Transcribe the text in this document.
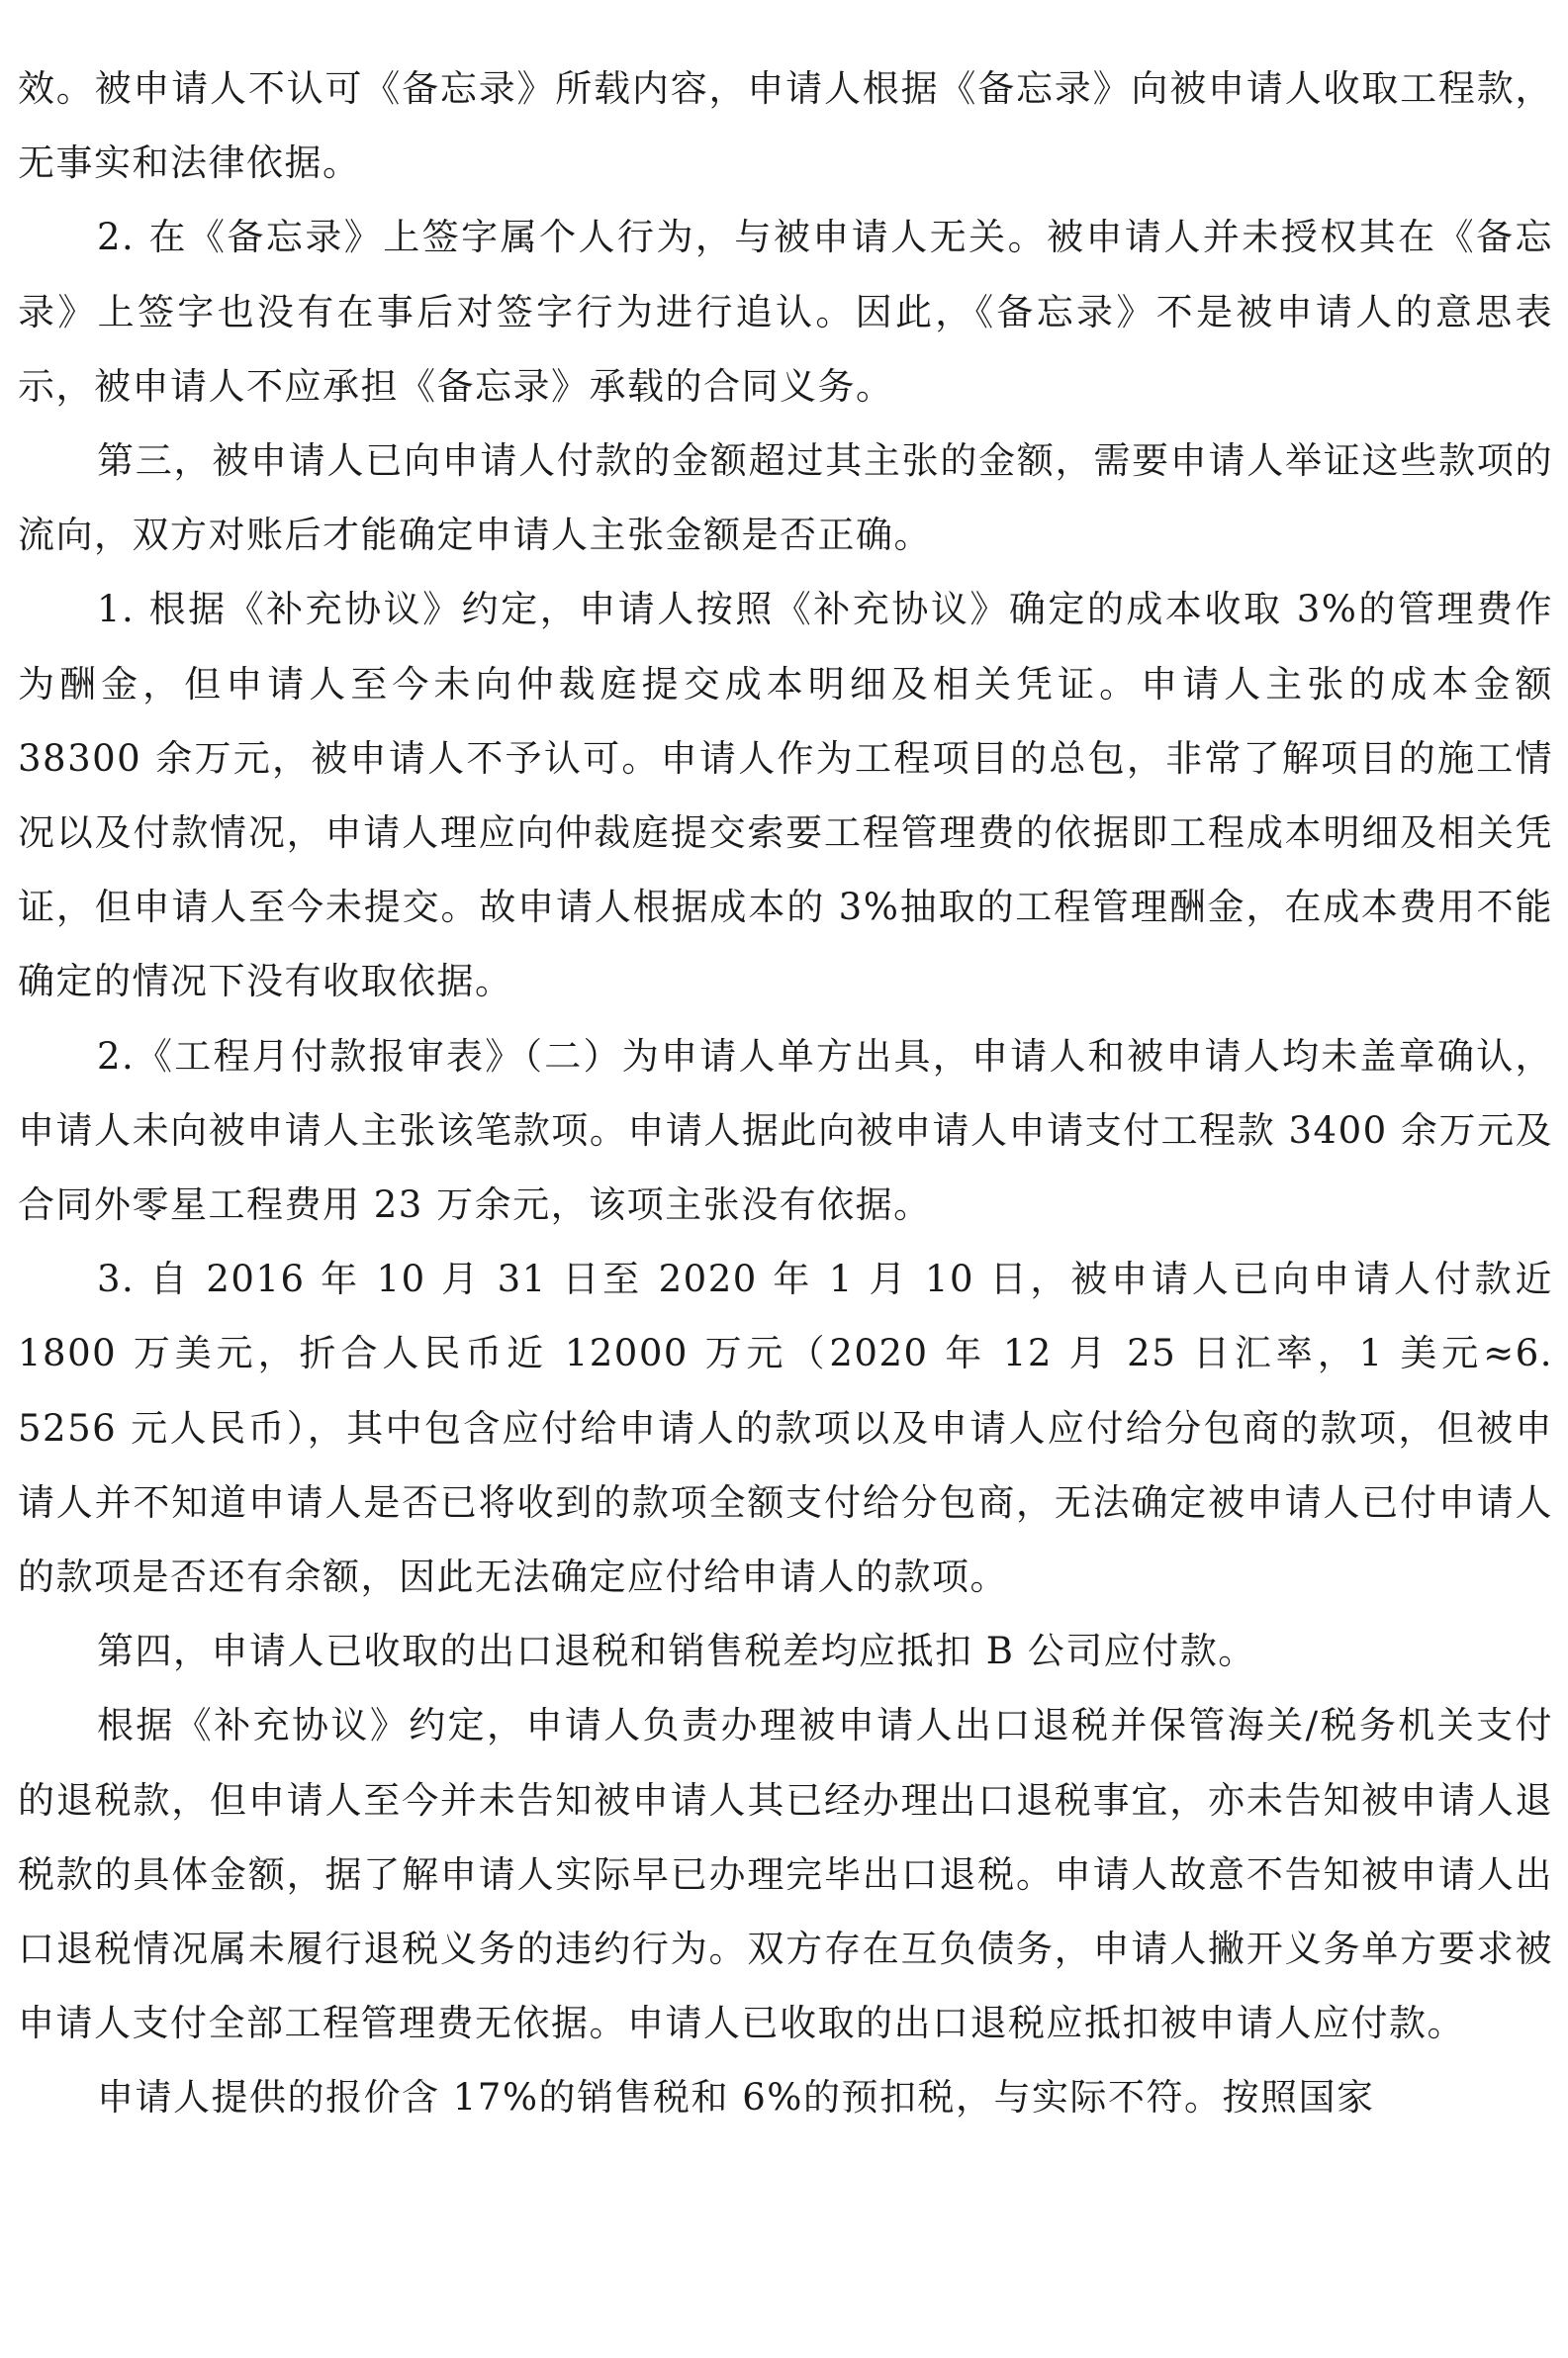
效。被申请人不认可《备忘录》所载内容，申请人根据《备忘录》向被申请人收取工程款，无事实和法律依据。

2. 在《备忘录》上签字属个人行为，与被申请人无关。被申请人并未授权其在《备忘录》上签字也没有在事后对签字行为进行追认。因此，《备忘录》不是被申请人的意思表示，被申请人不应承担《备忘录》承载的合同义务。

第三，被申请人已向申请人付款的金额超过其主张的金额，需要申请人举证这些款项的流向，双方对账后才能确定申请人主张金额是否正确。

1. 根据《补充协议》约定，申请人按照《补充协议》确定的成本收取 3%的管理费作为酬金，但申请人至今未向仲裁庭提交成本明细及相关凭证。申请人主张的成本金额 38300 余万元，被申请人不予认可。申请人作为工程项目的总包，非常了解项目的施工情况以及付款情况，申请人理应向仲裁庭提交索要工程管理费的依据即工程成本明细及相关凭证，但申请人至今未提交。故申请人根据成本的 3%抽取的工程管理酬金，在成本费用不能确定的情况下没有收取依据。

2.《工程月付款报审表》（二）为申请人单方出具，申请人和被申请人均未盖章确认，申请人未向被申请人主张该笔款项。申请人据此向被申请人申请支付工程款 3400 余万元及合同外零星工程费用 23 万余元，该项主张没有依据。

3. 自 2016 年 10 月 31 日至 2020 年 1 月 10 日，被申请人已向申请人付款近 1800 万美元，折合人民币近 12000 万元（2020 年 12 月 25 日汇率，1 美元≈6. 5256 元人民币），其中包含应付给申请人的款项以及申请人应付给分包商的款项，但被申请人并不知道申请人是否已将收到的款项全额支付给分包商，无法确定被申请人已付申请人的款项是否还有余额，因此无法确定应付给申请人的款项。

第四，申请人已收取的出口退税和销售税差均应抵扣 B 公司应付款。

根据《补充协议》约定，申请人负责办理被申请人出口退税并保管海关/税务机关支付的退税款，但申请人至今并未告知被申请人其已经办理出口退税事宜，亦未告知被申请人退税款的具体金额，据了解申请人实际早已办理完毕出口退税。申请人故意不告知被申请人出口退税情况属未履行退税义务的违约行为。双方存在互负债务，申请人撇开义务单方要求被申请人支付全部工程管理费无依据。申请人已收取的出口退税应抵扣被申请人应付款。

申请人提供的报价含 17%的销售税和 6%的预扣税，与实际不符。按照国家
